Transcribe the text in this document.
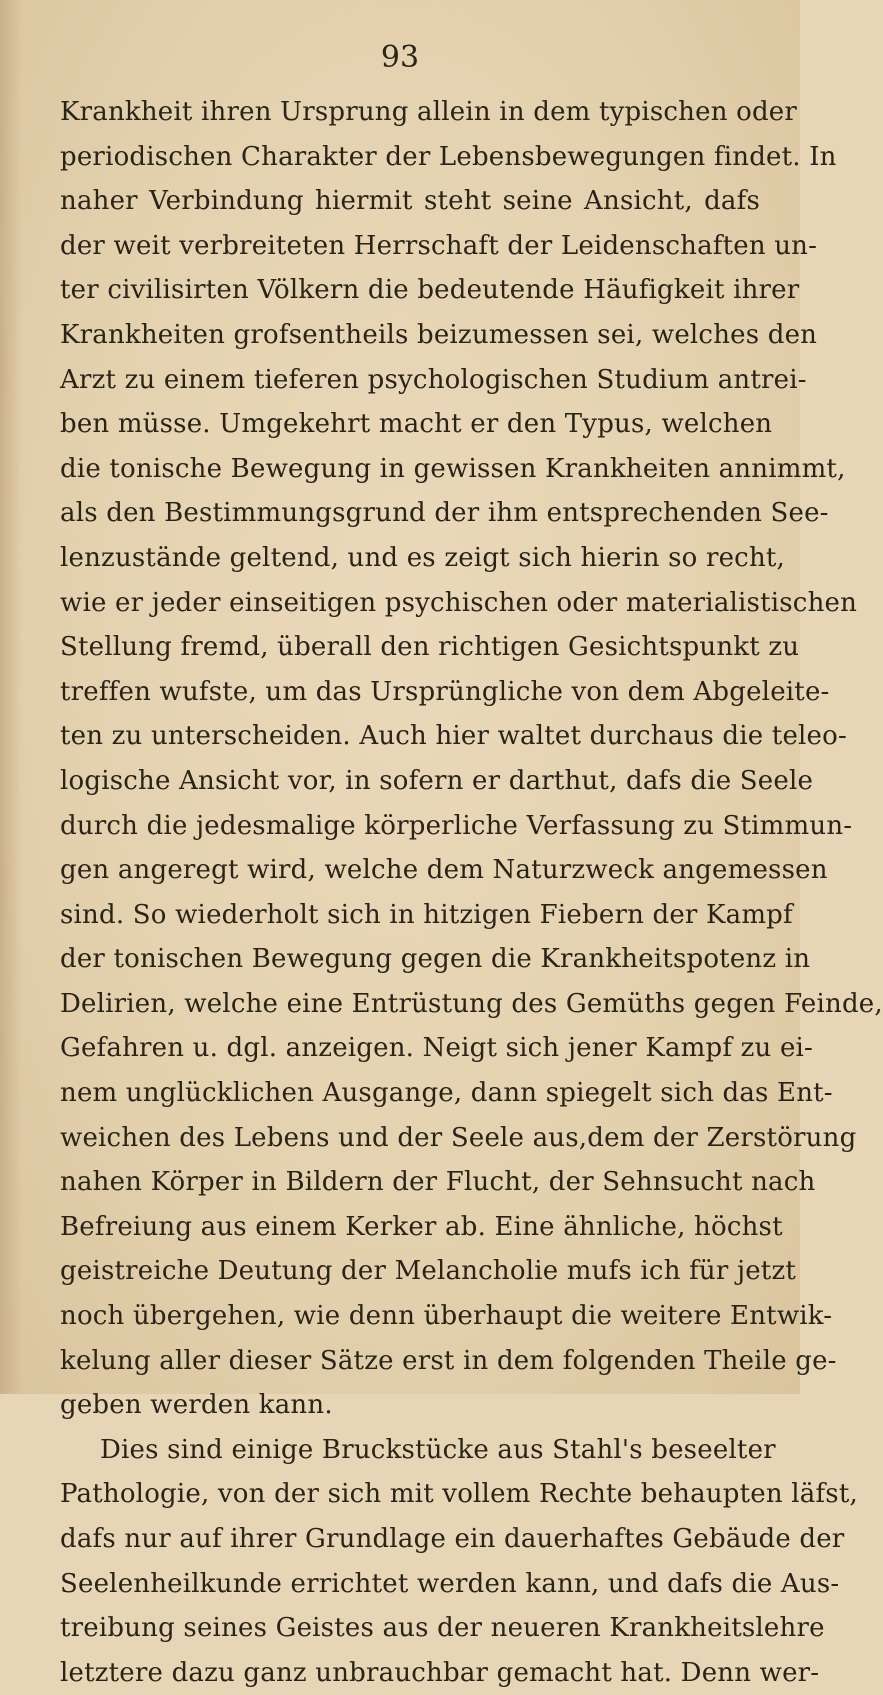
93

Krankheit ihren Ursprung allein in dem typischen oder
periodischen Charakter der Lebensbewegungen findet. In
naher Verbindung hiermit steht seine Ansicht, dafs
der weit verbreiteten Herrschaft der Leidenschaften un-
ter civilisirten Völkern die bedeutende Häufigkeit ihrer
Krankheiten grofsentheils beizumessen sei, welches den
Arzt zu einem tieferen psychologischen Studium antrei-
ben müsse. Umgekehrt macht er den Typus, welchen
die tonische Bewegung in gewissen Krankheiten annimmt,
als den Bestimmungsgrund der ihm entsprechenden See-
lenzustände geltend, und es zeigt sich hierin so recht,
wie er jeder einseitigen psychischen oder materialistischen
Stellung fremd, überall den richtigen Gesichtspunkt zu
treffen wufste, um das Ursprüngliche von dem Abgeleite-
ten zu unterscheiden. Auch hier waltet durchaus die teleo-
logische Ansicht vor, in sofern er darthut, dafs die Seele
durch die jedesmalige körperliche Verfassung zu Stimmun-
gen angeregt wird, welche dem Naturzweck angemessen
sind. So wiederholt sich in hitzigen Fiebern der Kampf
der tonischen Bewegung gegen die Krankheitspotenz in
Delirien, welche eine Entrüstung des Gemüths gegen Feinde,
Gefahren u. dgl. anzeigen. Neigt sich jener Kampf zu ei-
nem unglücklichen Ausgange, dann spiegelt sich das Ent-
weichen des Lebens und der Seele aus,dem der Zerstörung
nahen Körper in Bildern der Flucht, der Sehnsucht nach
Befreiung aus einem Kerker ab. Eine ähnliche, höchst
geistreiche Deutung der Melancholie mufs ich für jetzt
noch übergehen, wie denn überhaupt die weitere Entwik-
kelung aller dieser Sätze erst in dem folgenden Theile ge-
geben werden kann.
Dies sind einige Bruckstücke aus Stahl's beseelter
Pathologie, von der sich mit vollem Rechte behaupten läfst,
dafs nur auf ihrer Grundlage ein dauerhaftes Gebäude der
Seelenheilkunde errichtet werden kann, und dafs die Aus-
treibung seines Geistes aus der neueren Krankheitslehre
letztere dazu ganz unbrauchbar gemacht hat. Denn wer-
